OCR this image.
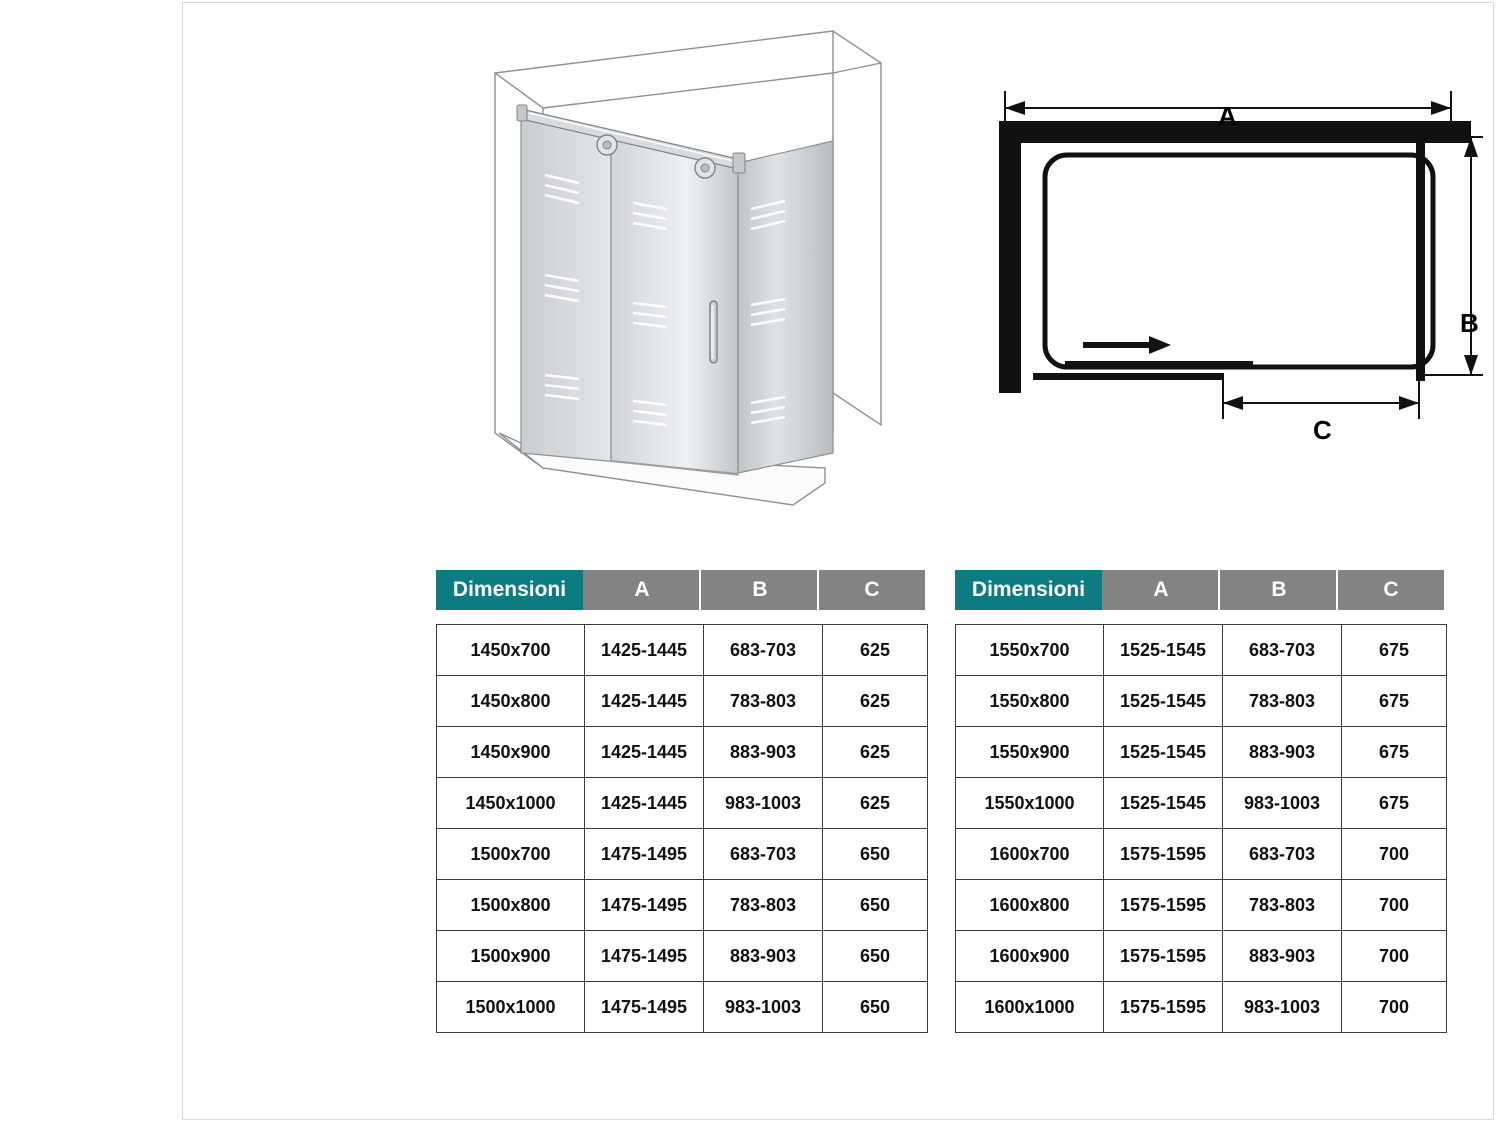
A
B
C
Dimensioni	A	B	C
1450x700	1425-1445	683-703	625
1450x800	1425-1445	783-803	625
1450x900	1425-1445	883-903	625
1450x1000	1425-1445	983-1003	625
1500x700	1475-1495	683-703	650
1500x800	1475-1495	783-803	650
1500x900	1475-1495	883-903	650
1500x1000	1475-1495	983-1003	650
Dimensioni	A	B	C
1550x700	1525-1545	683-703	675
1550x800	1525-1545	783-803	675
1550x900	1525-1545	883-903	675
1550x1000	1525-1545	983-1003	675
1600x700	1575-1595	683-703	700
1600x800	1575-1595	783-803	700
1600x900	1575-1595	883-903	700
1600x1000	1575-1595	983-1003	700
